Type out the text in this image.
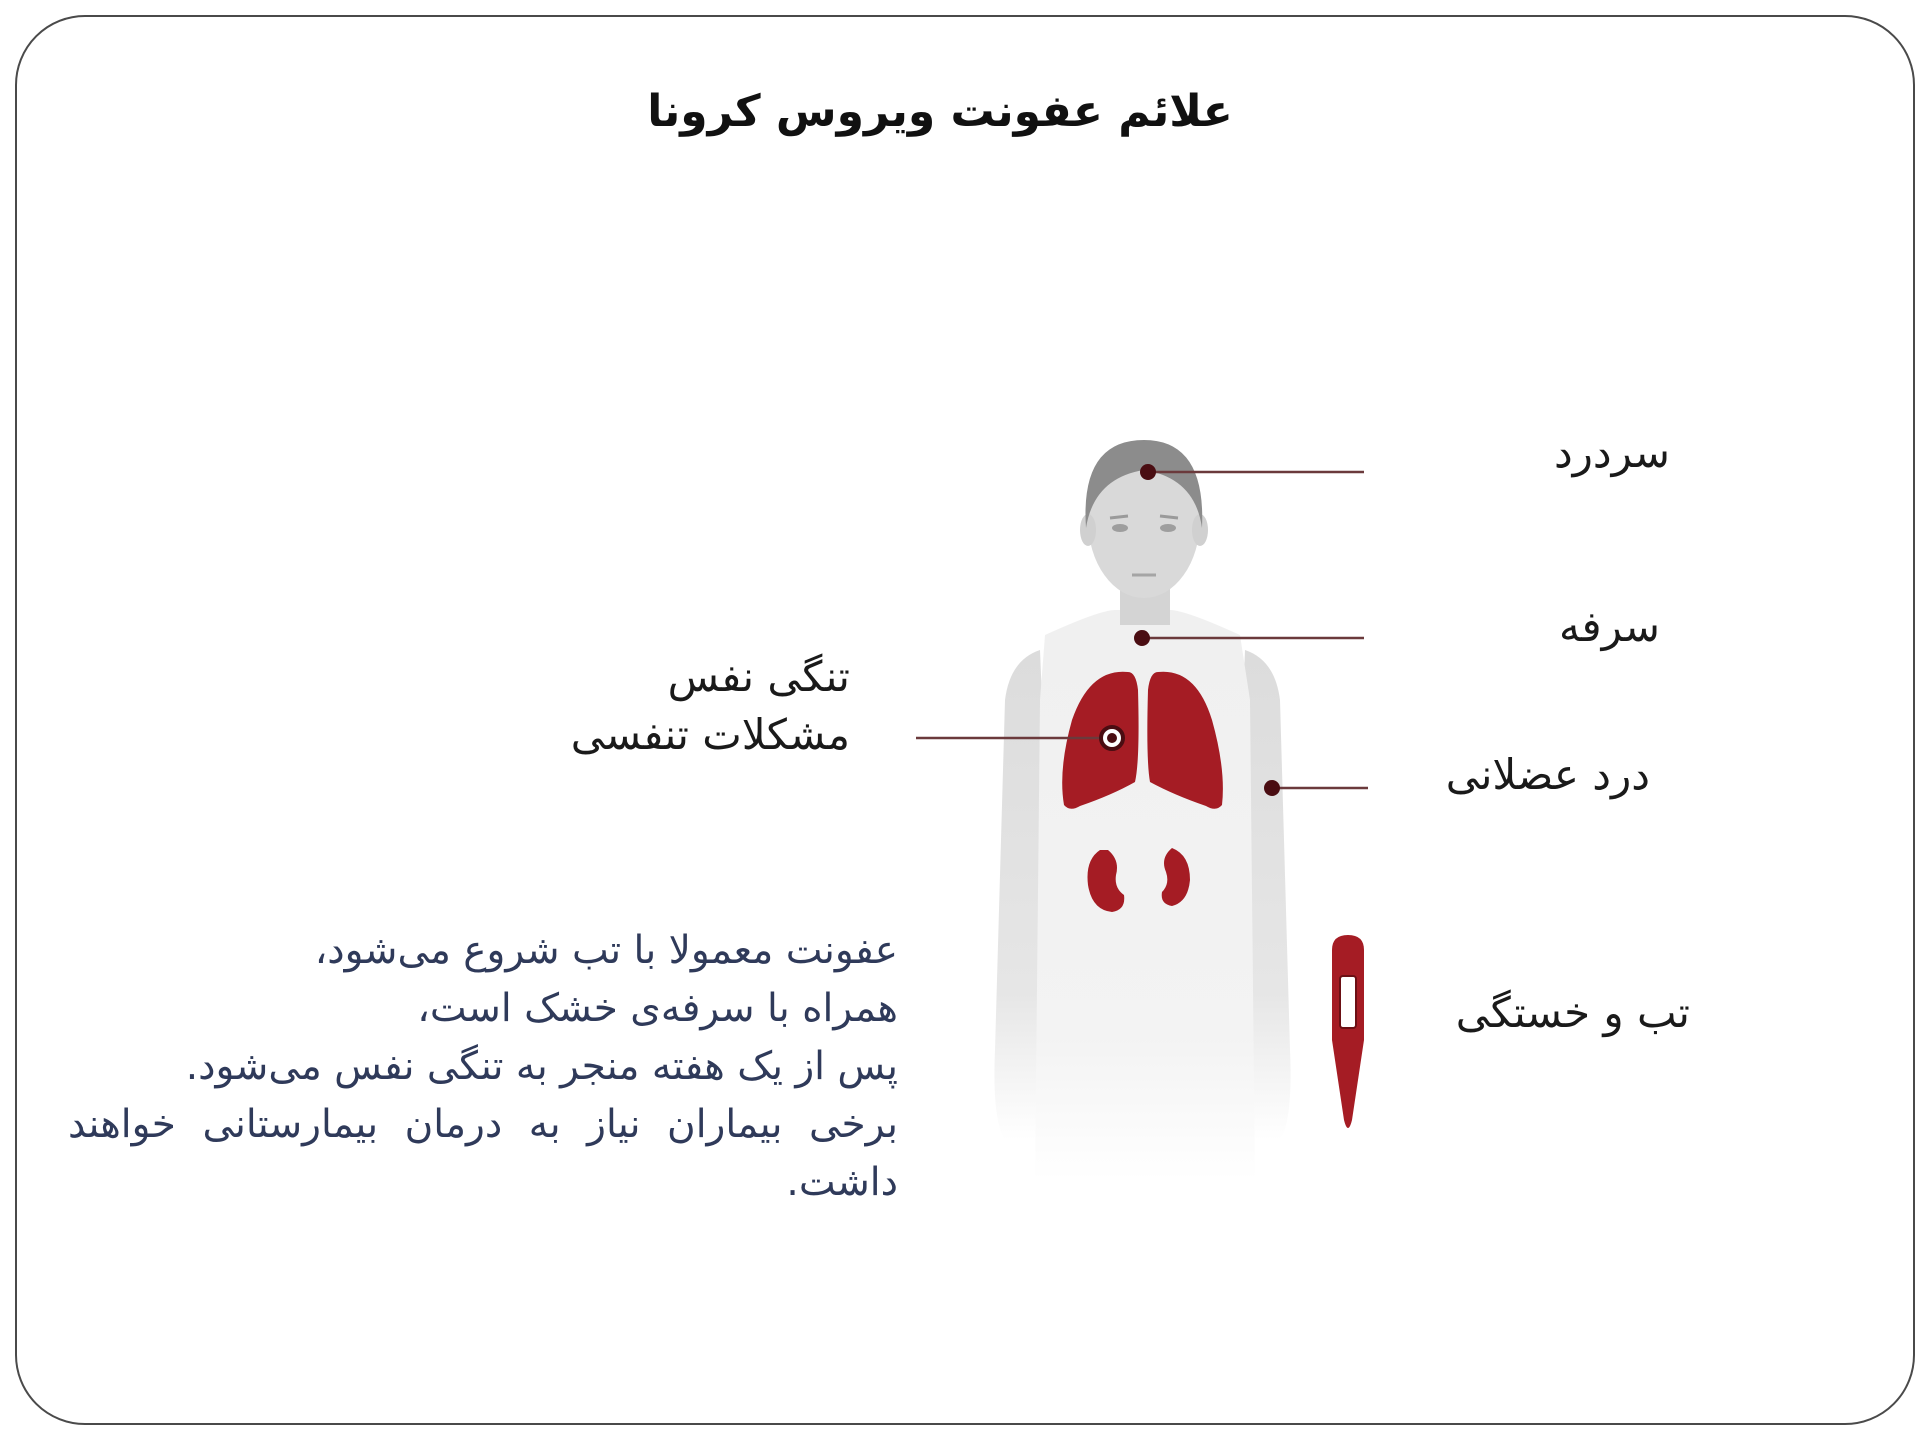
علائم عفونت ویروس کرونا
سردرد
سرفه
درد عضلانی
تب و خستگی
تنگی نفس
مشکلات تنفسی

عفونت معمولا با تب شروع می‌شود،

همراه با سرفه‌ی خشک است،

پس از یک هفته منجر به تنگی نفس می‌شود.

برخی بیماران نیاز به درمان بیمارستانی خواهند داشت.
